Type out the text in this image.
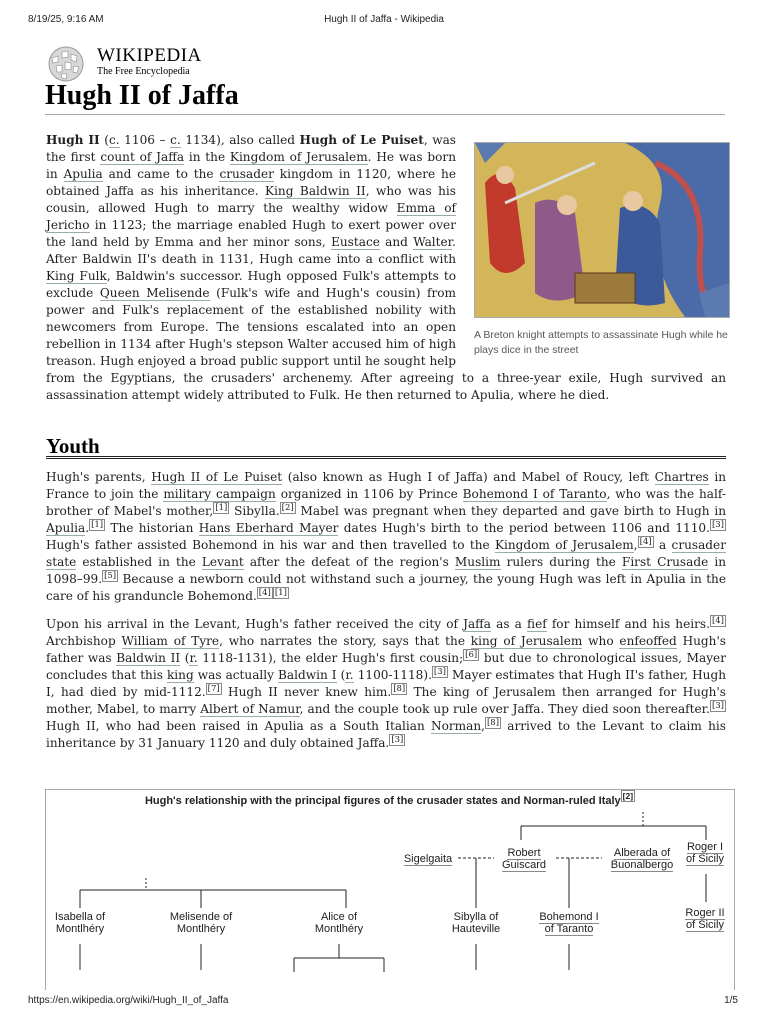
8/19/25, 9:16 AM	Hugh II of Jaffa - Wikipedia
WIKIPEDIA
The Free Encyclopedia
Hugh II of Jaffa
A Breton knight attempts to assassinate Hugh while he plays dice in the street

Hugh II (c. 1106 – c. 1134), also called Hugh of Le Puiset, was the first count of Jaffa in the Kingdom of Jerusalem. He was born in Apulia and came to the crusader kingdom in 1120, where he obtained Jaffa as his inheritance. King Baldwin II, who was his cousin, allowed Hugh to marry the wealthy widow Emma of Jericho in 1123; the marriage enabled Hugh to exert power over the land held by Emma and her minor sons, Eustace and Walter. After Baldwin II's death in 1131, Hugh came into a conflict with King Fulk, Baldwin's successor. Hugh opposed Fulk's attempts to exclude Queen Melisende (Fulk's wife and Hugh's cousin) from power and Fulk's replacement of the established nobility with newcomers from Europe. The tensions escalated into an open rebellion in 1134 after Hugh's stepson Walter accused him of high treason. Hugh enjoyed a broad public support until he sought help from the Egyptians, the crusaders' archenemy. After agreeing to a three-year exile, Hugh survived an assassination attempt widely attributed to Fulk. He then returned to Apulia, where he died.

Youth

Hugh's parents, Hugh II of Le Puiset (also known as Hugh I of Jaffa) and Mabel of Roucy, left Chartres in France to join the military campaign organized in 1106 by Prince Bohemond I of Taranto, who was the half-brother of Mabel's mother, [1] Sibylla. [2] Mabel was pregnant when they departed and gave birth to Hugh in Apulia. [1] The historian Hans Eberhard Mayer dates Hugh's birth to the period between 1106 and 1110. [3] Hugh's father assisted Bohemond in his war and then travelled to the Kingdom of Jerusalem, [4] a crusader state established in the Levant after the defeat of the region's Muslim rulers during the First Crusade in 1098–99. [5] Because a newborn could not withstand such a journey, the young Hugh was left in Apulia in the care of his granduncle Bohemond. [4] [1]

Upon his arrival in the Levant, Hugh's father received the city of Jaffa as a fief for himself and his heirs. [4] Archbishop William of Tyre, who narrates the story, says that the king of Jerusalem who enfeoffed Hugh's father was Baldwin II (r. 1118-1131), the elder Hugh's first cousin; [6] but due to chronological issues, Mayer concludes that this king was actually Baldwin I (r. 1100-1118). [3] Mayer estimates that Hugh II's father, Hugh I, had died by mid-1112. [7] Hugh II never knew him. [8] The king of Jerusalem then arranged for Hugh's mother, Mabel, to marry Albert of Namur, and the couple took up rule over Jaffa. They died soon thereafter. [3] Hugh II, who had been raised in Apulia as a South Italian Norman, [8] arrived to the Levant to claim his inheritance by 31 January 1120 and duly obtained Jaffa. [3]

Hugh's relationship with the principal figures of the crusader states and Norman-ruled Italy [2]
Sigelgaita	Robert Guiscard
Alberada of Buonalbergo
Roger I of Sicily
Isabella of Montlhéry
Melisende of Montlhéry
Alice of Montlhéry
Sibylla of Hauteville
Bohemond I of Taranto
Roger II of Sicily
https://en.wikipedia.org/wiki/Hugh_II_of_Jaffa	1/5
